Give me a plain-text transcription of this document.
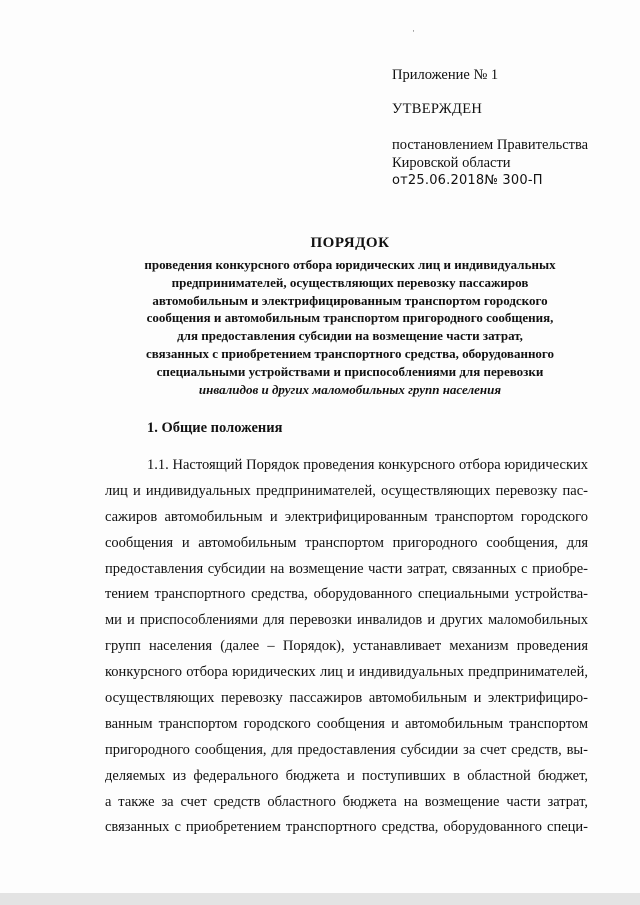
·

Приложение № 1

УТВЕРЖДЕН

постановлением Правительства

Кировской области

от25.06.2018№ 300-П

ПОРЯДОК

проведения конкурсного отбора юридических лиц и индивидуальных

предпринимателей, осуществляющих перевозку пассажиров

автомобильным и электрифицированным транспортом городского

сообщения и автомобильным транспортом пригородного сообщения,

для предоставления субсидии на возмещение части затрат,

связанных с приобретением транспортного средства, оборудованного

специальными устройствами и приспособлениями для перевозки

инвалидов и других маломобильных групп населения

1. Общие положения

1.1. Настоящий Порядок проведения конкурсного отбора юридических
лиц и индивидуальных предпринимателей, осуществляющих перевозку пас-
сажиров автомобильным и электрифицированным транспортом городского
сообщения и автомобильным транспортом пригородного сообщения, для
предоставления субсидии на возмещение части затрат, связанных с приобре-
тением транспортного средства, оборудованного специальными устройства-
ми и приспособлениями для перевозки инвалидов и других маломобильных
групп населения (далее – Порядок), устанавливает механизм проведения
конкурсного отбора юридических лиц и индивидуальных предпринимателей,
осуществляющих перевозку пассажиров автомобильным и электрифициро-
ванным транспортом городского сообщения и автомобильным транспортом
пригородного сообщения, для предоставления субсидии за счет средств, вы-
деляемых из федерального бюджета и поступивших в областной бюджет,
а также за счет средств областного бюджета на возмещение части затрат,
связанных с приобретением транспортного средства, оборудованного специ-
